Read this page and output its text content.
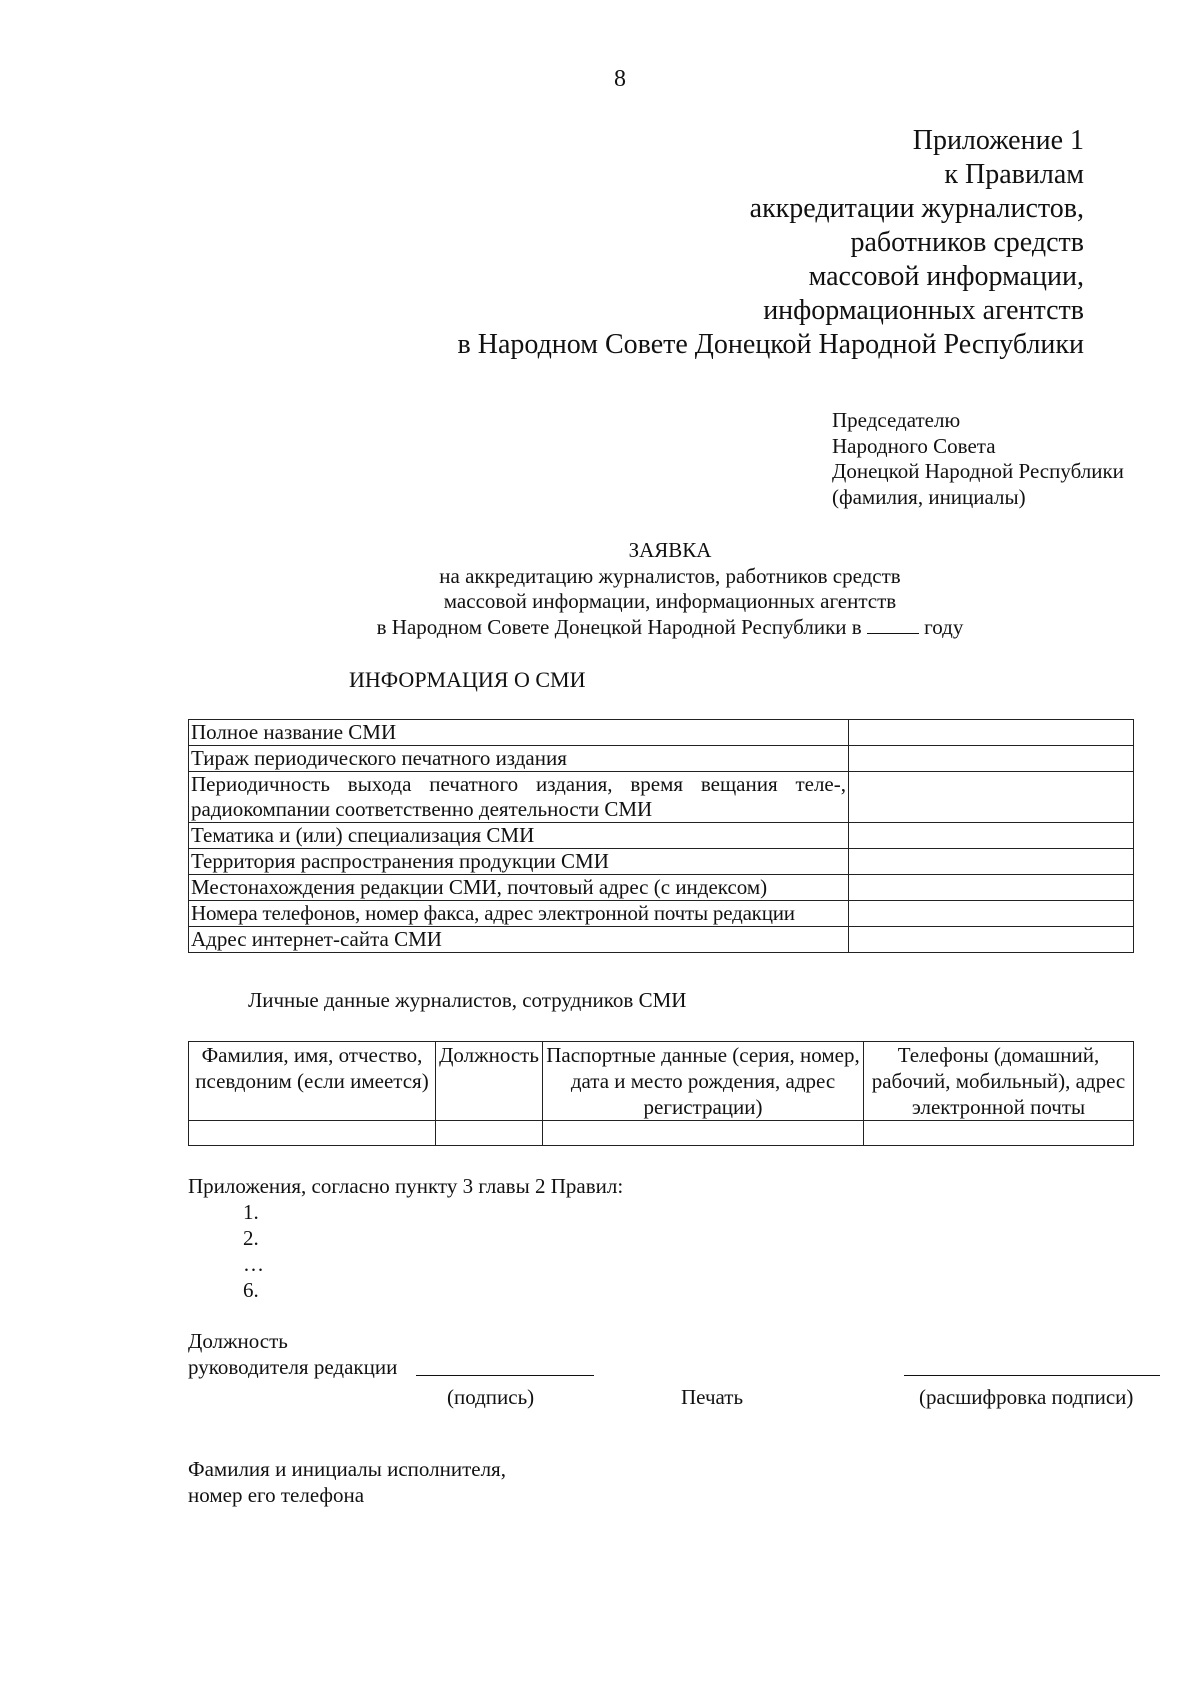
8
Приложение 1
к Правилам
аккредитации журналистов,
работников средств
массовой информации,
информационных агентств
в Народном Совете Донецкой Народной Республики
Председателю
Народного Совета
Донецкой Народной Республики
(фамилия, инициалы)
ЗАЯВКА
на аккредитацию журналистов, работников средств
массовой информации, информационных агентств
в Народном Совете Донецкой Народной Республики в	году
ИНФОРМАЦИЯ О СМИ
Полное название СМИ	
Тираж периодического печатного издания	
Периодичность выхода печатного издания, время вещания теле-, радиокомпании соответственно деятельности СМИ	
Тематика и (или) специализация СМИ	
Территория распространения продукции СМИ	
Местонахождения редакции СМИ, почтовый адрес (с индексом)	
Номера телефонов, номер факса, адрес электронной почты редакции	
Адрес интернет-сайта СМИ	
Личные данные журналистов, сотрудников СМИ
Фамилия, имя, отчество, псевдоним (если имеется)	Должность	Паспортные данные (серия, номер, дата и место рождения, адрес регистрации)	Телефоны (домашний, рабочий, мобильный), адрес электронной почты

Приложения, согласно пункту 3 главы 2 Правил:
1.
2.
…
6.
Должность
руководителя редакции
(подпись)	Печать	(расшифровка подписи)
Фамилия и инициалы исполнителя,
номер его телефона
